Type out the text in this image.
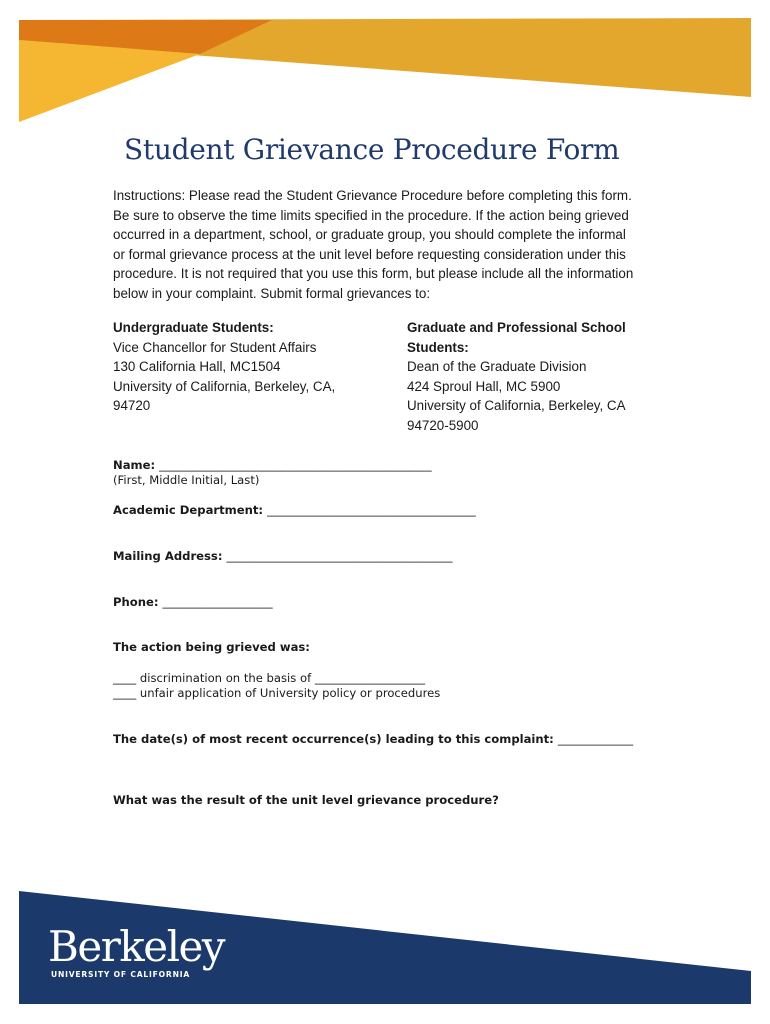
Student Grievance Procedure Form
Instructions: Please read the Student Grievance Procedure before completing this form.
Be sure to observe the time limits specified in the procedure. If the action being grieved
occurred in a department, school, or graduate group, you should complete the informal
or formal grievance process at the unit level before requesting consideration under this
procedure. It is not required that you use this form, but please include all the information
below in your complaint. Submit formal grievances to:
Undergraduate Students:
Vice Chancellor for Student Affairs
130 California Hall, MC1504
University of California, Berkeley, CA,
94720
Graduate and Professional School
Students:
Dean of the Graduate Division
424 Sproul Hall, MC 5900
University of California, Berkeley, CA
94720-5900
Name: _______________________________________________
(First, Middle Initial, Last)
Academic Department: ____________________________________
Mailing Address: _______________________________________
Phone: ___________________
The action being grieved was:
____ discrimination on the basis of ___________________
____ unfair application of University policy or procedures
The date(s) of most recent occurrence(s) leading to this complaint: _____________
What was the result of the unit level grievance procedure?
Berkeley
UNIVERSITY OF CALIFORNIA
